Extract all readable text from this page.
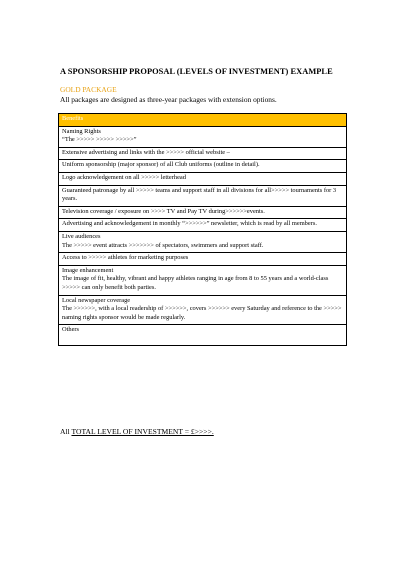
A SPONSORSHIP PROPOSAL (LEVELS OF INVESTMENT) EXAMPLE
GOLD PACKAGE
All packages are designed as three-year packages with extension options.
Benefits

Naming Rights
“The >>>>> >>>>> >>>>>”

Extensive advertising and links with the >>>>> official website –

Uniform sponsorship (major sponsor) of all Club uniforms (outline in detail).

Logo acknowledgement on all >>>>> letterhead

Guaranteed patronage by all >>>>> teams and support staff in all divisions for all>>>>> tournaments for 3 years.

Television coverage / exposure on >>>> TV and Pay TV during>>>>>>events.

Advertising and acknowledgement in monthly “>>>>>>” newsletter, which is read by all members.

Live audiences
The >>>>> event attracts >>>>>>> of spectators, swimmers and support staff.

Access to >>>>> athletes for marketing purposes

Image enhancement
The image of fit, healthy, vibrant and happy athletes ranging in age from 8 to 55 years and a world-class >>>>> can only benefit both parties.

Local newspaper coverage
The >>>>>>, with a local readership of >>>>>>, covers >>>>>> every Saturday and reference to the >>>>> naming rights sponsor would be made regularly.

Others
All TOTAL LEVEL OF INVESTMENT = £>>>>.
